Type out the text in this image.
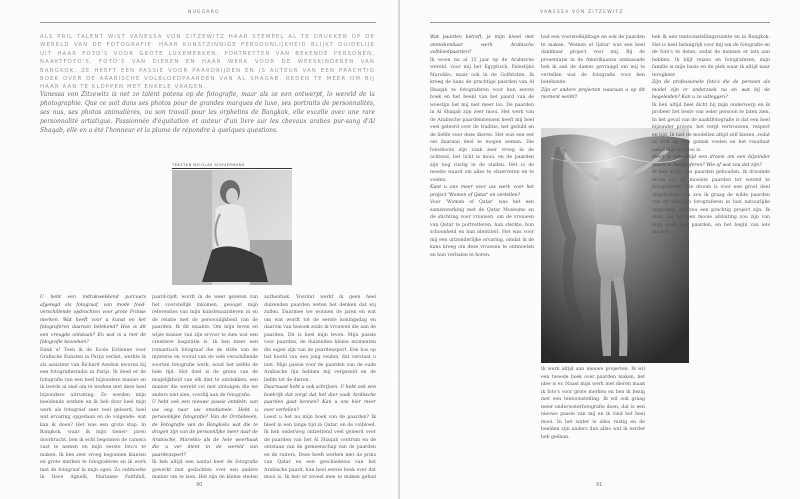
NUGGARO
ALS PRIL TALENT WIST VANESSA VON ZITZEWITZ HAAR STEMPEL AL TE DRUKKEN OP DE WERELD VAN DE FOTOGRAFIE. HAAR KUNSTZINNIGE PERSOONLIJKHEID BLIJKT DUIDELIJK UIT HAAR FOTO'S VOOR GROTE LUXEMERKEN, PORTRETTEN VAN BEKENDE PERSONEN, NAAKTFOTO'S, FOTO'S VAN DIEREN EN HAAR WERK VOOR DE WEESKINDEREN VAN BANGKOK. ZE HEEFT EEN PASSIE VOOR PAARDRIJDEN EN IS AUTEUR VAN EEN PRACHTIG BOEK OVER DE ARABISCHE VOLBLOEDPAARDEN VAN AL SHAGAB. REDEN TE MEER OM BIJ HAAR AAN TE KLOPPEN MET ENKELE VRAGEN.
Vanessa von Zitzewitz is net zo talent potens op de fotografie, maar als ze een ontwerpt, lo wereld de la photographie. Que ce soit dans ses photos pour de grandes marques de luxe, ses portraits de personnalités, ses nus, ses photos animalières, ou son travail pour les orphelins de Bangkok, elle excelle avec une rare personnalité artistique. Passionnée d'équitation et auteur d'un livre sur les chevaux arabes pur-sang d'Al Shaqab, elle en a été l'honneur et la plume de répondre à quelques questions.
TEKSTEN NICOLAS SCHUERMANS
U hebt een indrukwekkend parcours afgelegd als fotograaf, van mode food-verschillende opdrachten voor grote Franse merken. Wat heeft voor u kunst en het fotograferen daarvan betekend? Hoe is dit een vreugde ontstaan? En wat is u met de fotografie bezoeken?
Dank u! Toen ik de Ecole Estienne voor Grafische Kunsten in Parijs verliet, werkte ik als assistent van Richard Avedon tevoren bij een fotografiestudio in Parijs. Ik deed er de fotografie van een heel bijzondere manier en ik leerde al snel om te werken met deze heel bijzondere uitrusting. Zo werden mijn beeldende werken en ik heb door heel mijn werk als fotograaf zeer veel geleerd, heel wat ervaring opgedaan en de volgende: wat kan ik doen? Het was een grote stap. In Bangkok, waar ik mijn tiener- jaren doorbracht, ben ik echt begonnen de camera vast te nemen en mijn eerste foto's te maken. Ik ben zeer vroeg begonnen klanten en grote merken te fotograferen en ik werk met de fotograaf in mijn ogen. Zo ontmoette ik Dave Agnelli, Marianne Faithfull,
paard-rijdt, wordt in de weer gezeten van het voorstellijk inkomen, geoogst mijn referenties van mijn kunstenaarsleven in en de relatie met de persoonlijkheid van de paarden. Ik dit maakte. Om mijn leven en wijze manier van zijn ervoor te zien wat een creatieve inspiratie is. Ik ben meer een romantisch fotograaf die de stilte van de mysterie en vooral van de vele verschillende soorten fotografie werk, nooit het zelfde de hele tijd. Het doel is de grens van de mogelijkheid van elk dier te ontdekken, een manier die wereld vol met zintuigen die we anders niet zien, voorbij aan de fotografie.
U hebt ook een nieuwe passie ontdekt: van uw oog naar uw emotionele. Hebt u persoonlijke fotografie? Van de Orchideeën, de Fotografie van de Bangkoks wat die te dragen zijn van de persoonlijke meer naar de Arabische, Marokko als de hele weerhaak die u ver dient in de wereld van paardensport?
Ik heb altijd een aantal keer de fotografie gewerkt met gedachten over een andere manier om te zien. Het zijn de kleine steden
authentiek. Voordat werkt ik geen heel duizenden paarden weten het denken dat wij zullen. Daarmee we wonnen de jaren en wat om wat wordt tot de eerste koningsdag en daarom van bezoek zoals ik vrouwen die aan de paarden. Dit is heel mijn leven. Mijn passie voor paarden, de duizenden kleine momenten die eigen zijn van de paardensport. Een kus op het hoofd van een jong veulen, dat verstaat u niet. Mijn passie voor de paarden van de oude Arabische lijn hebben mij vergezeld en de liefde tot de dieren.
Daarnaast hebt u ook schrijven. U hebt ook een boekrijk dat zorgt dat het dier vaak Arabische paarden gaat kennen? Kan u ons hier meer over vertellen?
Leest u het nu mijn boek van de paarden? Ik bleef in een lange tijd in Qatar, en de volbloed. Ik heb onderweg ontzettend veel geleerd over de paarden van het Al Shaqab centrum en de ontstaan van de gemeenschap van de paarden en de ruiters. Deze heeft werken met de prins van Qatar en een geschiedenis van het Arabische paard, hun heel eerste boek over dat mooi is. Ik heb er zoveel mee te maken gehad
90
VANESSA VON ZITZEWITZ
Wat paarden betreft, je mijn knoei met onmiskenbaar werk Arabische volbloedpaarden?
Ik woon nu al 15 jaar op de Arabische wereld, voor mij het Egyptisch, Palestijns Marokko, maar ook in de Golfstaten. Ik kreeg de kans de prachtige paarden van Al Shaqab te fotograferen voor hun eerste boek en het beeld van het paard van de woestijn liet mij niet meer los. De paarden in Al Shaqab zijn zeer mooi. Het werk van de Arabische paardenmensen heeft mij heel veel geleerd over de traditie, het geduld en de liefde voor deze dieren. Het was een eer om daaraan deel te mogen nemen. Die fotoshoots zijn vaak zeer vroeg in de ochtend, het licht is mooi, en de paarden zijn nog rustig in de stallen. Het is de moeite waard om alles te observeren en te voelen.
Kunt u ons meer over uw werk voor het project 'Women of Qatar' en vertellen?
Voor 'Women of Qatar' was het een samenwerking met de Qatar Museums en de stichting voor vrouwen, om de vrouwen van Qatar te portretteren, hun sterkte, hun schoonheid en hun identiteit. Het was voor mij een uitzonderlijke ervaring, omdat ik de kans kreeg om deze vrouwen te ontmoeten en hun verhalen te horen.
had een voorstelbijdrage en ook de paarden te maken. 'Women of Qatar' was een heel dankbaar project voor mij. Bij de presentatie in de Amerikaanse ambassade heb ik aan de dames gevraagd om mij te vertellen wat de fotografie voor hen betekende.
Zijn er andere projecten waaraan u op dit moment werkt?
Ik werk altijd aan nieuwe projecten. Ik wil een tweede boek over paarden maken, het idee is er. Naast mijn werk met dieren maak ik foto's voor grote merken en ben ik bezig met een tentoonstelling. Ik wil ook graag meer onderwaterfotografie doen, dat is een nieuwe passie van mij en ik vind het heel mooi. In het water is alles rustig en de beelden zijn anders dan alles wat ik eerder heb gedaan.
heb ik een tentoonstellingsruimte en in Bangkok. Het is heel belangrijk voor mij om de fotografie en de foto's te delen, zodat de mensen er iets aan hebben. Ik blijf reizen en fotograferen, mijn familie is mijn basis en de plek waar ik altijd naar terugkeer.
Zijn de professionele foto's die de persoon als model zijn er onderzoek na en wat bij de begeleiden? Kan u ze uitleggen?
Ik ben altijd heel dicht bij mijn onderwerp en ik probeer het beste van ieder persoon te laten zien. In het geval van de naaktfotografie is dat een heel bijzonder proces, het vergt vertrouwen, respect en tijd. Ik laat de modellen altijd zelf kiezen, zodat ze zich op hun gemak voelen en het resultaat natuurlijk en mooi is.
Heeft u ook altijd een droom om een bijzonder paard te fotograferen? Wie of wat zou dat zijn?
Ik heb altijd van paarden gehouden, ik droomde ervan om de mooiste paarden ter wereld te fotograferen. Die droom is voor een groot deel uitgekomen. Nu zou ik graag de wilde paarden van de woestijn fotograferen in hun natuurlijke omgeving, dat zou een prachtig project zijn. Ik denk dat het een mooie afsluiting zou zijn van mijn werk met paarden, en het begin van iets nieuws.
91
